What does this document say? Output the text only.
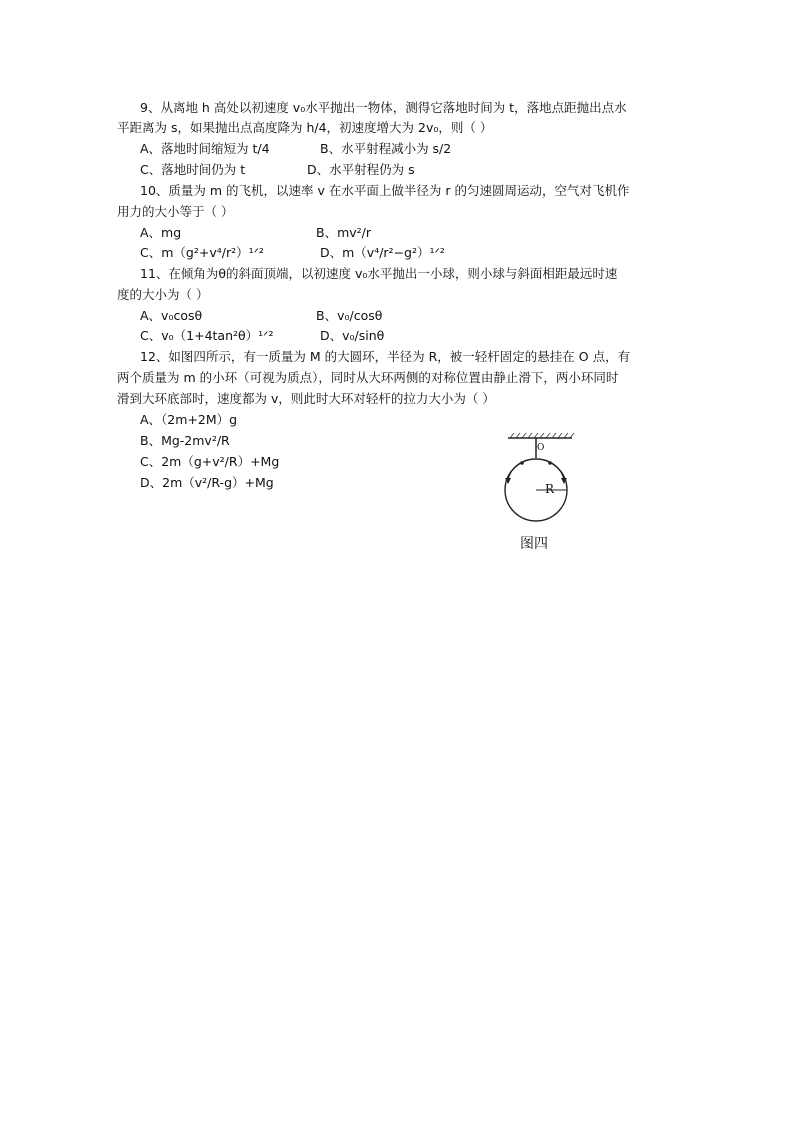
9、从离地 h 高处以初速度 v₀水平抛出一物体，测得它落地时间为 t，落地点距抛出点水
平距离为 s，如果抛出点高度降为 h/4，初速度增大为 2v₀，则（ ）
A、落地时间缩短为 t/4	B、水平射程减小为 s/2
C、落地时间仍为 t	D、水平射程仍为 s
10、质量为 m 的飞机，以速率 v 在水平面上做半径为 r 的匀速圆周运动，空气对飞机作
用力的大小等于（ ）
A、mg	B、mv²/r
C、m（g²+v⁴/r²）¹ᐟ²	D、m（v⁴/r²−g²）¹ᐟ²
11、在倾角为θ的斜面顶端，以初速度 v₀水平抛出一小球，则小球与斜面相距最远时速
度的大小为（ ）
A、v₀cosθ	B、v₀/cosθ
C、v₀（1+4tan²θ）¹ᐟ²	D、v₀/sinθ
12、如图四所示，有一质量为 M 的大圆环，半径为 R，被一轻杆固定的悬挂在 O 点，有
两个质量为 m 的小环（可视为质点），同时从大环两侧的对称位置由静止滑下，两小环同时
滑到大环底部时，速度都为 v，则此时大环对轻杆的拉力大小为（ ）
A、（2m+2M）g
B、Mg-2mv²/R
C、2m（g+v²/R）+Mg
D、2m（v²/R-g）+Mg
O
R
图四
